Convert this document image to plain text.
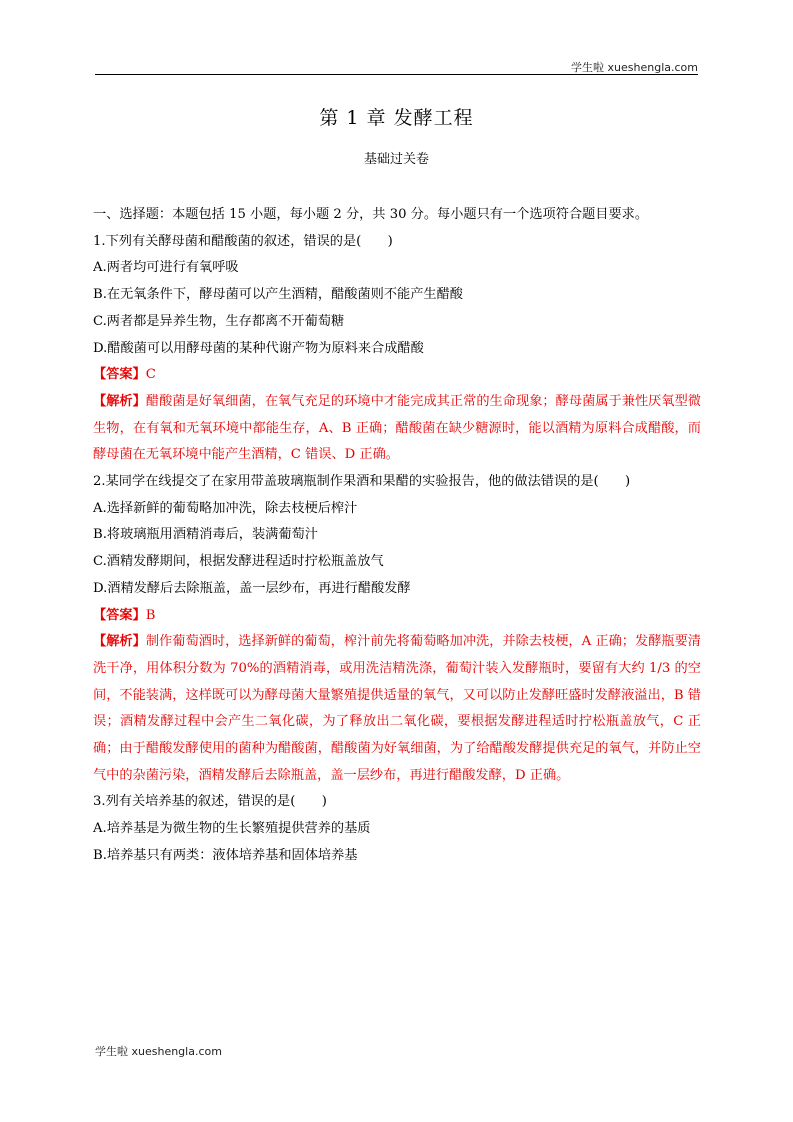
学生啦 xueshengla.com
第 1 章 发酵工程
基础过关卷

一、选择题：本题包括 15 小题，每小题 2 分，共 30 分。每小题只有一个选项符合题目要求。

1.下列有关酵母菌和醋酸菌的叙述，错误的是(　　)

A.两者均可进行有氧呼吸

B.在无氧条件下，酵母菌可以产生酒精，醋酸菌则不能产生醋酸

C.两者都是异养生物，生存都离不开葡萄糖

D.醋酸菌可以用酵母菌的某种代谢产物为原料来合成醋酸

【答案】C

【解析】醋酸菌是好氧细菌，在氧气充足的环境中才能完成其正常的生命现象；酵母菌属于兼性厌氧型微生物，在有氧和无氧环境中都能生存，A、B 正确；醋酸菌在缺少糖源时，能以酒精为原料合成醋酸，而酵母菌在无氧环境中能产生酒精，C 错误、D 正确。

2.某同学在线提交了在家用带盖玻璃瓶制作果酒和果醋的实验报告，他的做法错误的是(　　)

A.选择新鲜的葡萄略加冲洗，除去枝梗后榨汁

B.将玻璃瓶用酒精消毒后，装满葡萄汁

C.酒精发酵期间，根据发酵进程适时拧松瓶盖放气

D.酒精发酵后去除瓶盖，盖一层纱布，再进行醋酸发酵

【答案】B

【解析】制作葡萄酒时，选择新鲜的葡萄，榨汁前先将葡萄略加冲洗，并除去枝梗，A 正确；发酵瓶要清洗干净，用体积分数为 70%的酒精消毒，或用洗洁精洗涤，葡萄汁装入发酵瓶时，要留有大约 1/3 的空间，不能装满，这样既可以为酵母菌大量繁殖提供适量的氧气，又可以防止发酵旺盛时发酵液溢出，B 错误；酒精发酵过程中会产生二氧化碳，为了释放出二氧化碳，要根据发酵进程适时拧松瓶盖放气，C 正确；由于醋酸发酵使用的菌种为醋酸菌，醋酸菌为好氧细菌，为了给醋酸发酵提供充足的氧气，并防止空气中的杂菌污染，酒精发酵后去除瓶盖，盖一层纱布，再进行醋酸发酵，D 正确。

3.列有关培养基的叙述，错误的是(　　)

A.培养基是为微生物的生长繁殖提供营养的基质

B.培养基只有两类：液体培养基和固体培养基

学生啦 xueshengla.com
